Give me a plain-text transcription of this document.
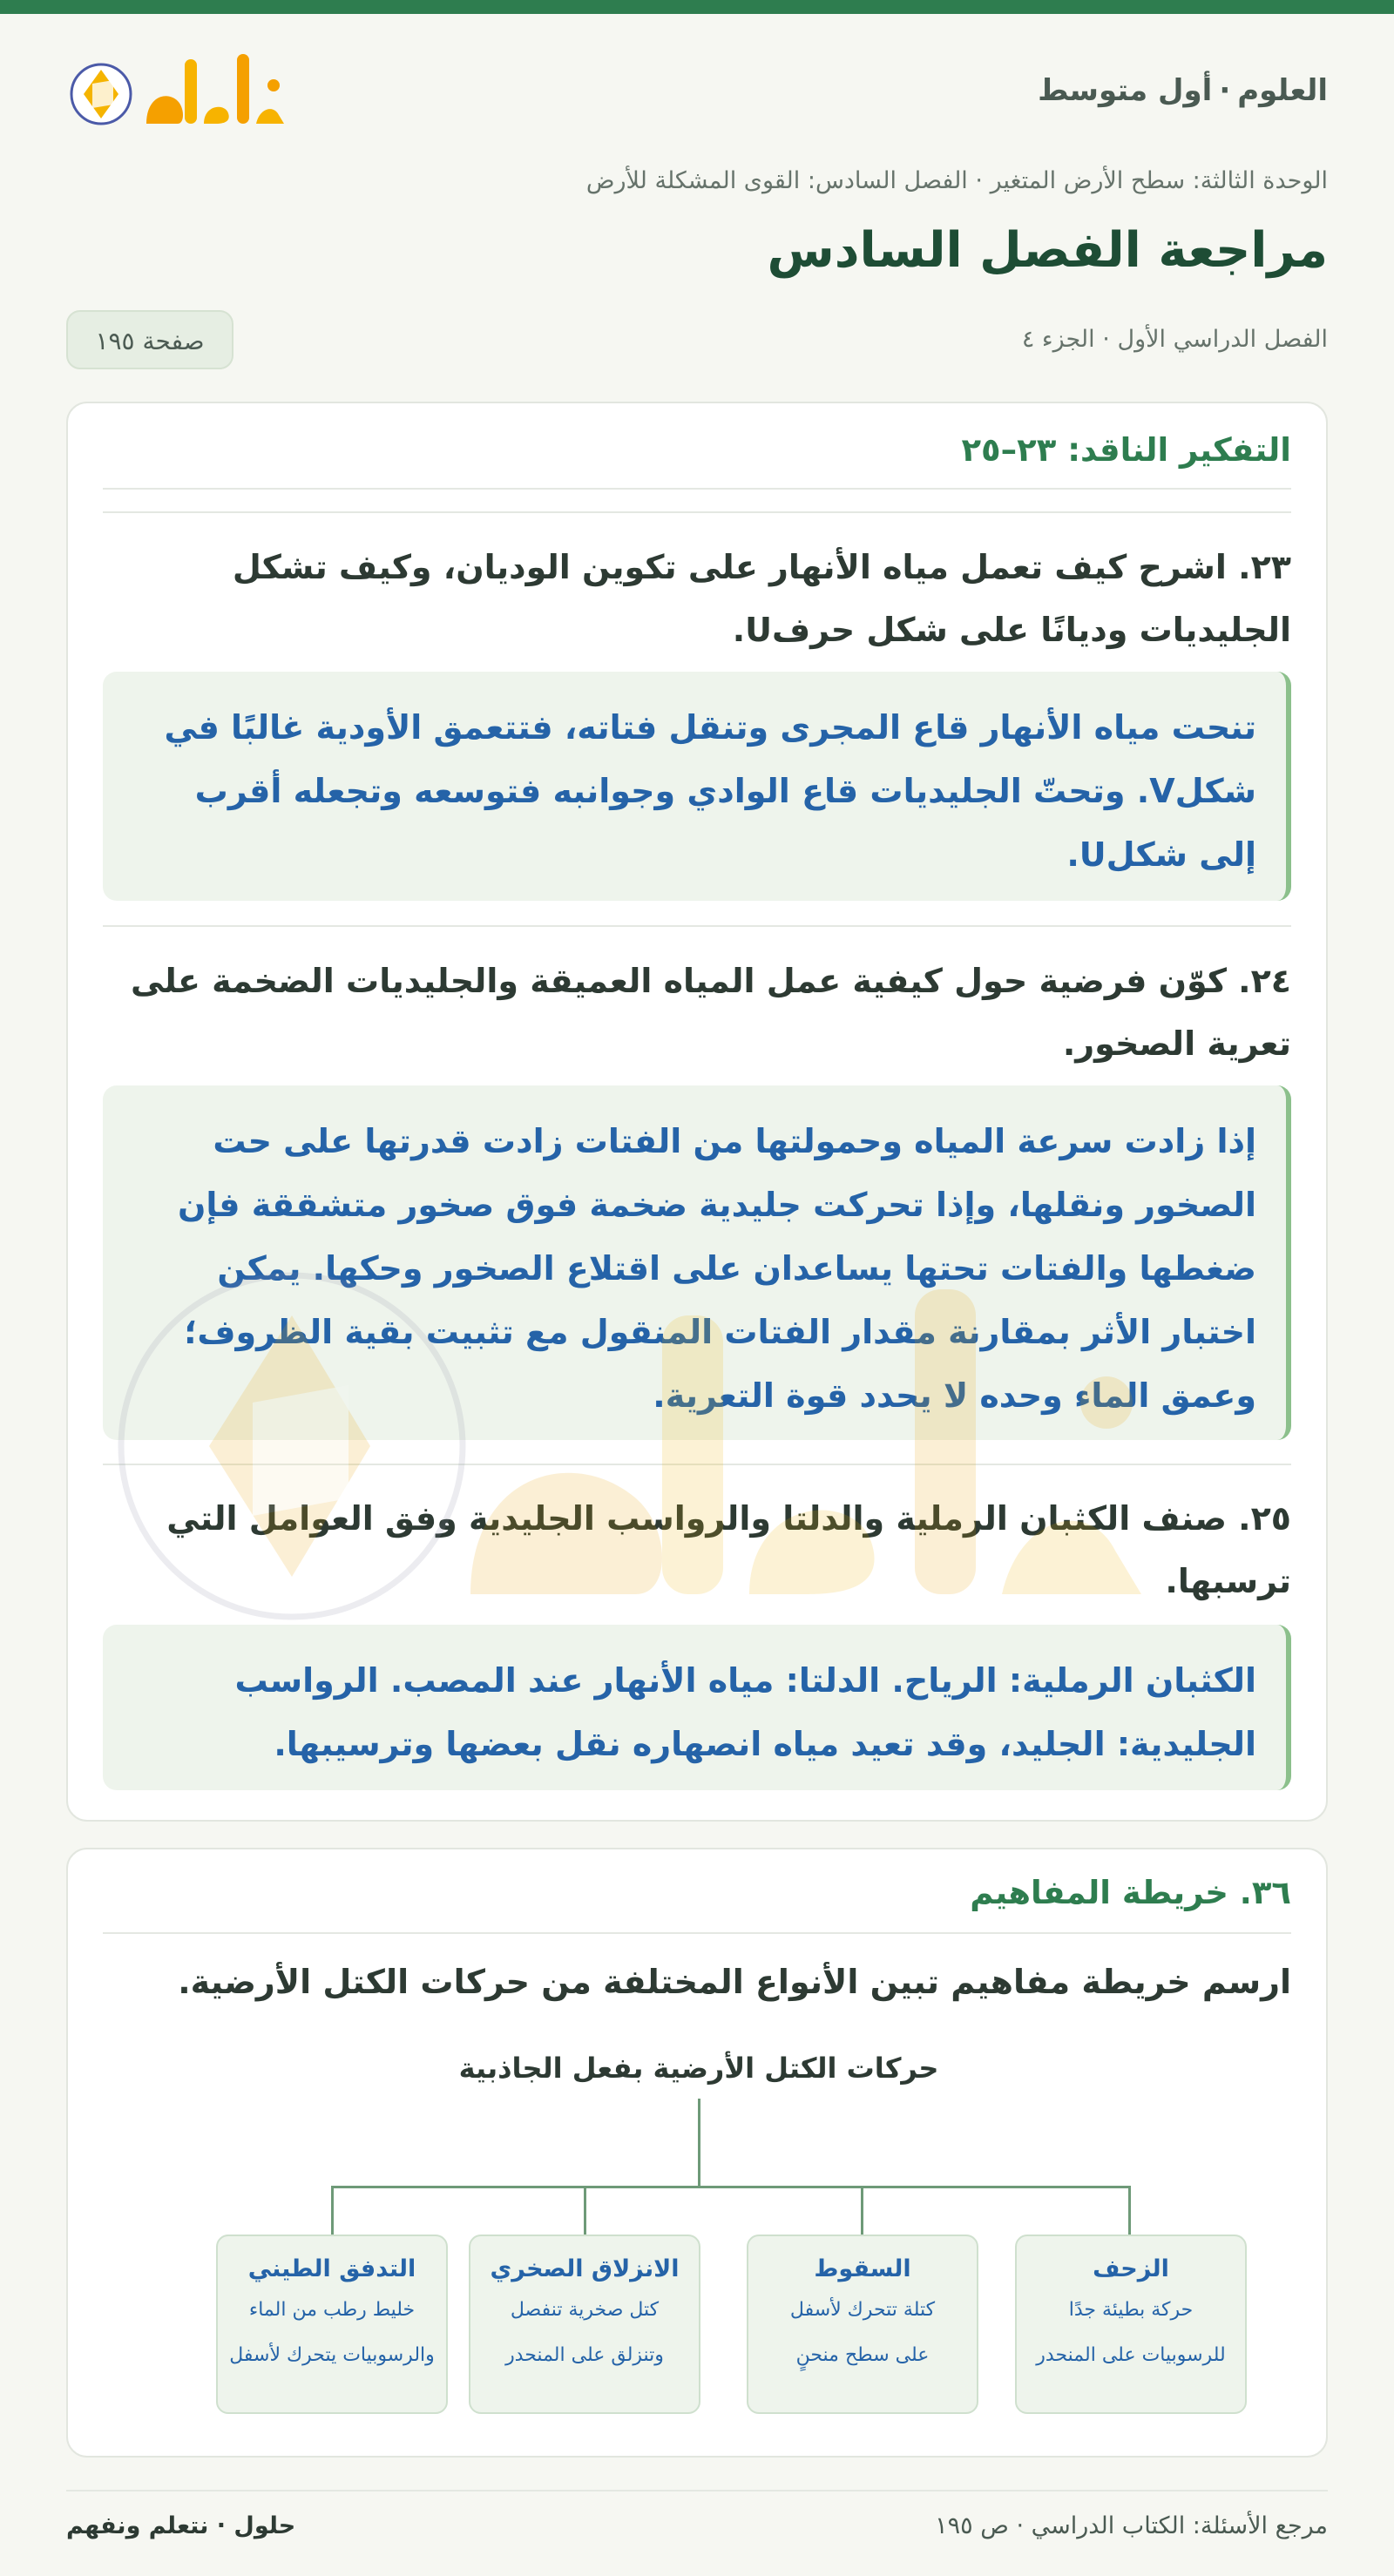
العلوم·أول متوسط
الوحدة الثالثة: سطح الأرض المتغير · الفصل السادس: القوى المشكلة للأرض
مراجعة الفصل السادس
الفصل الدراسي الأول · الجزء ٤
صفحة ١٩٥
التفكير الناقد: ٢٣–٢٥

٢٣. اشرح كيف تعمل مياه الأنهار على تكوين الوديان، وكيف تشكل الجليديات وديانًا على شكل حرفU.

تنحت مياه الأنهار قاع المجرى وتنقل فتاته، فتتعمق الأودية غالبًا في شكلV. وتحتّ الجليديات قاع الوادي وجوانبه فتوسعه وتجعله أقرب إلى شكلU.

٢٤. كوّن فرضية حول كيفية عمل المياه العميقة والجليديات الضخمة على تعرية الصخور.

إذا زادت سرعة المياه وحمولتها من الفتات زادت قدرتها على حت الصخور ونقلها، وإذا تحركت جليدية ضخمة فوق صخور متشققة فإن ضغطها والفتات تحتها يساعدان على اقتلاع الصخور وحكها. يمكن اختبار الأثر بمقارنة مقدار الفتات المنقول مع تثبيت بقية الظروف؛ وعمق الماء وحده لا يحدد قوة التعرية.

٢٥. صنف الكثبان الرملية والدلتا والرواسب الجليدية وفق العوامل التي ترسبها.

الكثبان الرملية: الرياح. الدلتا: مياه الأنهار عند المصب. الرواسب الجليدية: الجليد، وقد تعيد مياه انصهاره نقل بعضها وترسيبها.
٣٦. خريطة المفاهيم

ارسم خريطة مفاهيم تبين الأنواع المختلفة من حركات الكتل الأرضية.

حركات الكتل الأرضية بفعل الجاذبية
الزحف
حركة بطيئة جدًا
للرسوبيات على المنحدر
السقوط
كتلة تتحرك لأسفل
على سطح منحنٍ
الانزلاق الصخري
كتل صخرية تنفصل
وتنزلق على المنحدر
التدفق الطيني
خليط رطب من الماء
والرسوبيات يتحرك لأسفل
مرجع الأسئلة: الكتاب الدراسي · ص ١٩٥
حلول · نتعلم ونفهم
